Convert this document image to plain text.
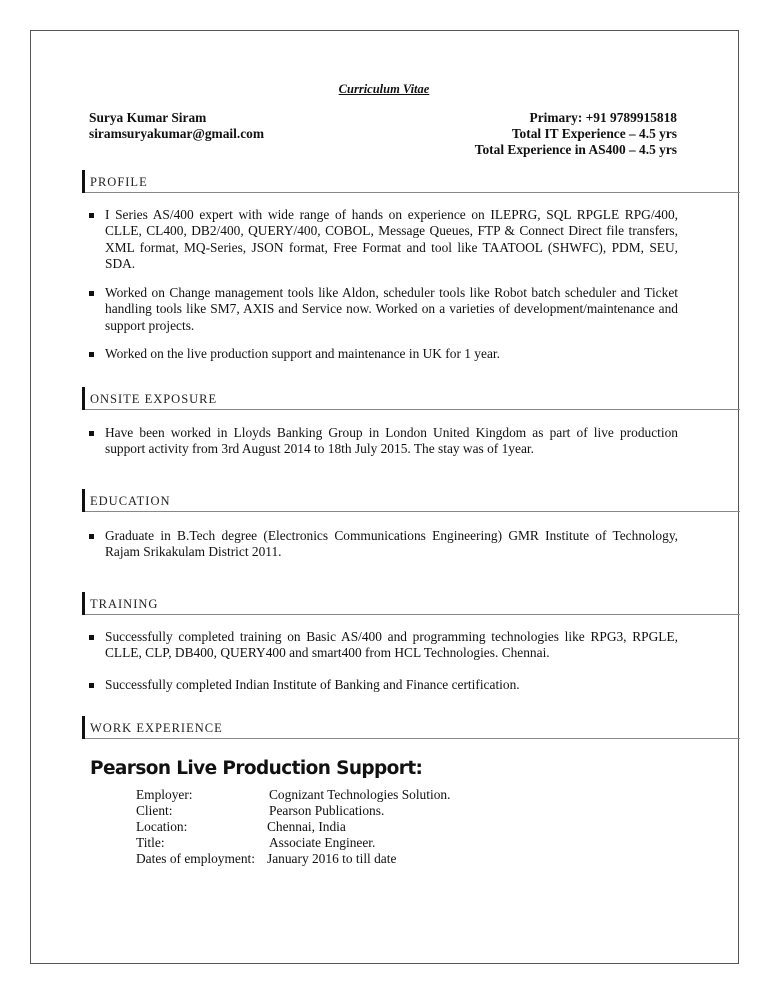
Curriculum Vitae
Surya Kumar Siram
siramsuryakumar@gmail.com
Primary: +91 9789915818
Total IT Experience – 4.5 yrs
Total Experience in AS400 – 4.5 yrs
PROFILE
I Series AS/400 expert with wide range of hands on experience on ILEPRG, SQL RPGLE RPG/400, CLLE, CL400, DB2/400, QUERY/400, COBOL, Message Queues, FTP & Connect Direct file transfers, XML format, MQ-Series, JSON format, Free Format and tool like TAATOOL (SHWFC), PDM, SEU, SDA.
Worked on Change management tools like Aldon, scheduler tools like Robot batch scheduler and Ticket handling tools like SM7, AXIS and Service now. Worked on a varieties of development/maintenance and support projects.
Worked on the live production support and maintenance in UK for 1 year.
ONSITE EXPOSURE
Have been worked in Lloyds Banking Group in London United Kingdom as part of live production support activity from 3rd August 2014 to 18th July 2015. The stay was of 1year.
EDUCATION
Graduate in B.Tech degree (Electronics Communications Engineering) GMR Institute of Technology, Rajam Srikakulam District 2011.
TRAINING
Successfully completed training on Basic AS/400 and programming technologies like RPG3, RPGLE, CLLE, CLP, DB400, QUERY400 and smart400 from HCL Technologies. Chennai.
Successfully completed Indian Institute of Banking and Finance certification.
WORK EXPERIENCE
Pearson Live Production Support:
Employer:	Cognizant Technologies Solution.
Client:	Pearson Publications.
Location:	Chennai, India
Title:	Associate Engineer.
Dates of employment: January 2016 to till date
